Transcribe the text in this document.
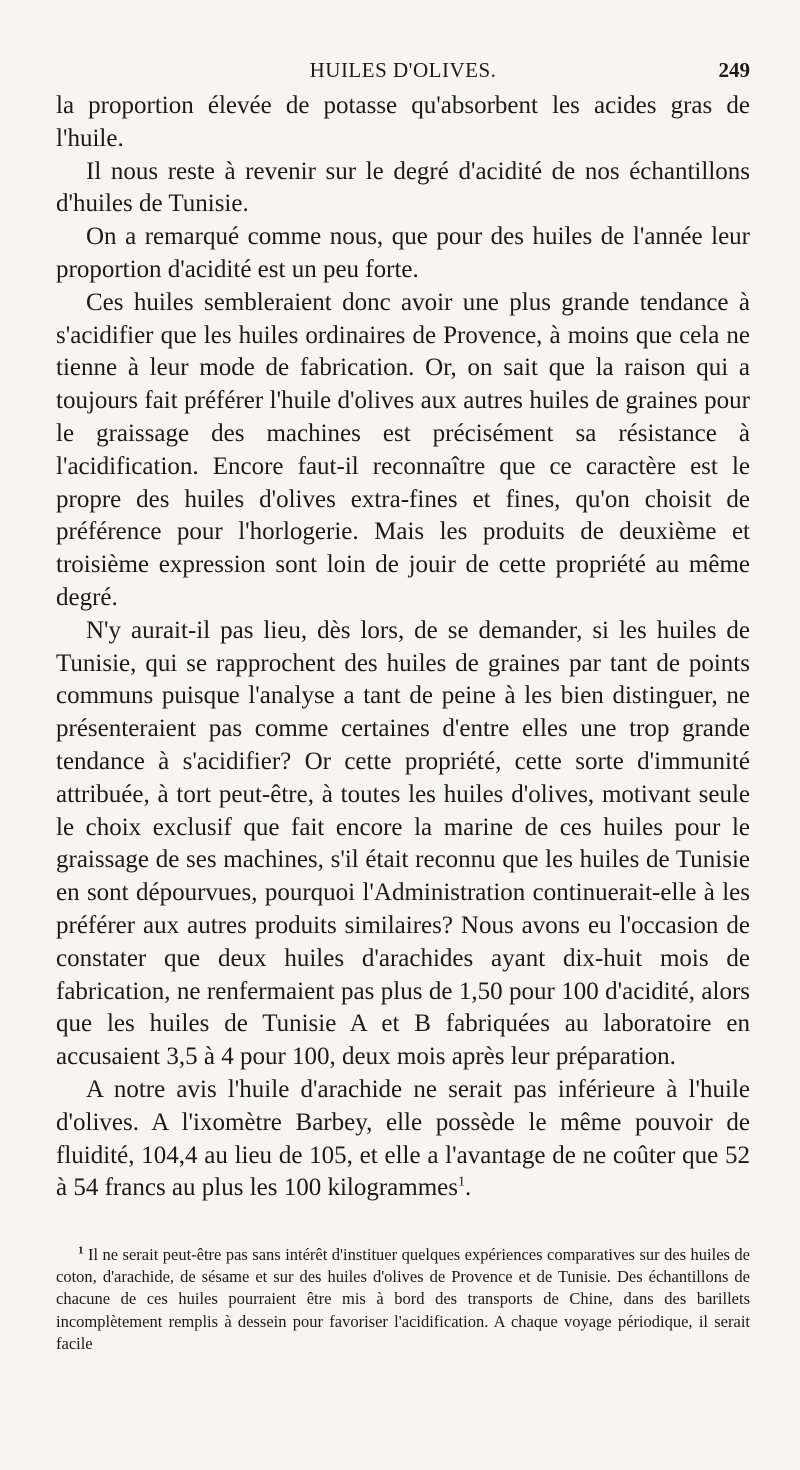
HUILES D'OLIVES.	249

la proportion élevée de potasse qu'absorbent les acides gras de l'huile.

Il nous reste à revenir sur le degré d'acidité de nos échantillons d'huiles de Tunisie.

On a remarqué comme nous, que pour des huiles de l'année leur proportion d'acidité est un peu forte.

Ces huiles sembleraient donc avoir une plus grande tendance à s'acidifier que les huiles ordinaires de Provence, à moins que cela ne tienne à leur mode de fabrication. Or, on sait que la raison qui a toujours fait préférer l'huile d'olives aux autres huiles de graines pour le graissage des machines est précisément sa résistance à l'acidification. Encore faut-il reconnaître que ce caractère est le propre des huiles d'olives extra-fines et fines, qu'on choisit de préférence pour l'horlogerie. Mais les produits de deuxième et troisième expression sont loin de jouir de cette propriété au même degré.

N'y aurait-il pas lieu, dès lors, de se demander, si les huiles de Tunisie, qui se rapprochent des huiles de graines par tant de points communs puisque l'analyse a tant de peine à les bien distinguer, ne présenteraient pas comme certaines d'entre elles une trop grande tendance à s'acidifier? Or cette propriété, cette sorte d'immunité attribuée, à tort peut-être, à toutes les huiles d'olives, motivant seule le choix exclusif que fait encore la marine de ces huiles pour le graissage de ses machines, s'il était reconnu que les huiles de Tunisie en sont dépourvues, pourquoi l'Administration continuerait-elle à les préférer aux autres produits similaires? Nous avons eu l'occasion de constater que deux huiles d'arachides ayant dix-huit mois de fabrication, ne renfermaient pas plus de 1,50 pour 100 d'acidité, alors que les huiles de Tunisie A et B fabriquées au laboratoire en accusaient 3,5 à 4 pour 100, deux mois après leur préparation.

A notre avis l'huile d'arachide ne serait pas inférieure à l'huile d'olives. A l'ixomètre Barbey, elle possède le même pouvoir de fluidité, 104,4 au lieu de 105, et elle a l'avantage de ne coûter que 52 à 54 francs au plus les 100 kilogrammes$^1$.

$^1$ Il ne serait peut-être pas sans intérêt d'instituer quelques expériences comparatives sur des huiles de coton, d'arachide, de sésame et sur des huiles d'olives de Provence et de Tunisie. Des échantillons de chacune de ces huiles pourraient être mis à bord des transports de Chine, dans des barillets incomplètement remplis à dessein pour favoriser l'acidification. A chaque voyage périodique, il serait facile
